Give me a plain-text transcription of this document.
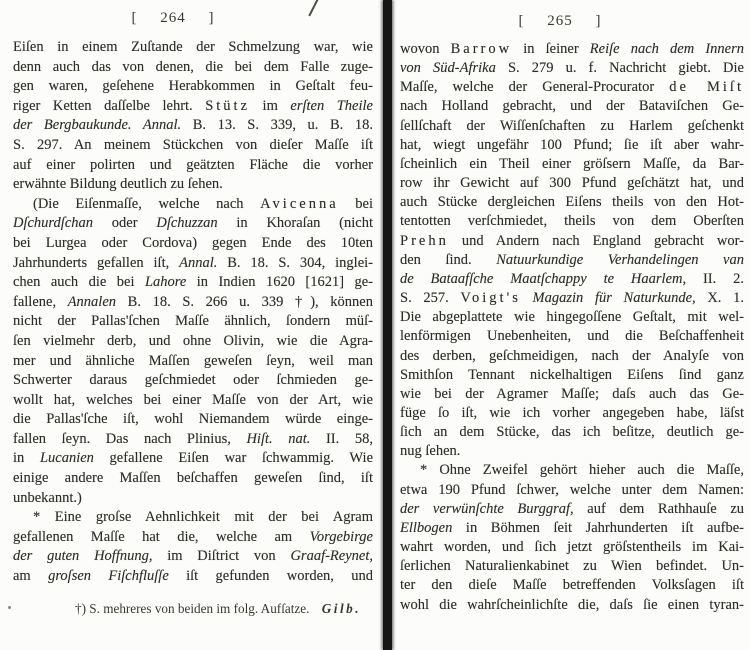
[ 264 ]	[ 265 ]
Eiſen in einem Zuſtande der Schmelzung war, wie
denn auch das von denen, die bei dem Falle zuge-
gen waren, geſehene Herabkommen in Geſtalt feu-
riger Ketten daſſelbe lehrt. Stütz im erſten Theile
der Bergbaukunde. Annal. B. 13. S. 339, u. B. 18.
S. 297. An meinem Stückchen von dieſer Maſſe iſt
auf einer polirten und geätzten Fläche die vorher
erwähnte Bildung deutlich zu ſehen.
(Die Eiſenmaſſe, welche nach Avicenna bei
Dſchurdſchan oder Dſchuzzan in Khoraſan (nicht
bei Lurgea oder Cordova) gegen Ende des 10ten
Jahrhunderts gefallen iſt, Annal. B. 18. S. 304, inglei-
chen auch die bei Lahore in Indien 1620 [1621] ge-
fallene, Annalen B. 18. S. 266 u. 339 †), können
nicht der Pallas'ſchen Maſſe ähnlich, ſondern müſ-
ſen vielmehr derb, und ohne Olivin, wie die Agra-
mer und ähnliche Maſſen geweſen ſeyn, weil man
Schwerter daraus geſchmiedet oder ſchmieden ge-
wollt hat, welches bei einer Maſſe von der Art, wie
die Pallas'ſche iſt, wohl Niemandem würde einge-
fallen ſeyn. Das nach Plinius, Hiſt. nat. II. 58,
in Lucanien gefallene Eiſen war ſchwammig. Wie
einige andere Maſſen beſchaffen geweſen ſind, iſt
unbekannt.)
* Eine groſse Aehnlichkeit mit der bei Agram
gefallenen Maſſe hat die, welche am Vorgebirge
der guten Hoffnung, im Diſtrict von Graaf-Reynet,
am groſsen Fiſchfluſſe iſt gefunden worden, und
wovon Barrow in ſeiner Reiſe nach dem Innern
von Süd-Afrika S. 279 u. f. Nachricht giebt. Die
Maſſe, welche der General-Procurator de Miſt
nach Holland gebracht, und der Bataviſchen Ge-
ſellſchaft der Wiſſenſchaften zu Harlem geſchenkt
hat, wiegt ungefähr 100 Pfund; ſie iſt aber wahr-
ſcheinlich ein Theil einer gröſsern Maſſe, da Bar-
row ihr Gewicht auf 300 Pfund geſchätzt hat, und
auch Stücke dergleichen Eiſens theils von den Hot-
tentotten verſchmiedet, theils von dem Oberſten
Prehn und Andern nach England gebracht wor-
den ſind. Natuurkundige Verhandelingen van
de Bataafſche Maatſchappy te Haarlem, II. 2.
S. 257. Voigt's Magazin für Naturkunde, X. 1.
Die abgeplattete wie hingegoſſene Geſtalt, mit wel-
lenförmigen Unebenheiten, und die Beſchaffenheit
des derben, geſchmeidigen, nach der Analyſe von
Smithſon Tennant nickelhaltigen Eiſens ſind ganz
wie bei der Agramer Maſſe; daſs auch das Ge-
füge ſo iſt, wie ich vorher angegeben habe, läſst
ſich an dem Stücke, das ich beſitze, deutlich ge-
nug ſehen.
* Ohne Zweifel gehört hieher auch die Maſſe,
etwa 190 Pfund ſchwer, welche unter dem Namen:
der verwünſchte Burggraf, auf dem Rathhauſe zu
Ellbogen in Böhmen ſeit Jahrhunderten iſt aufbe-
wahrt worden, und ſich jetzt gröſstentheils im Kai-
ſerlichen Naturalienkabinet zu Wien befindet. Un-
ter den dieſe Maſſe betreffenden Volksſagen iſt
wohl die wahrſcheinlichſte die, daſs ſie einen tyran-
†) S. mehreres von beiden im folg. Aufſatze. Gilb.
